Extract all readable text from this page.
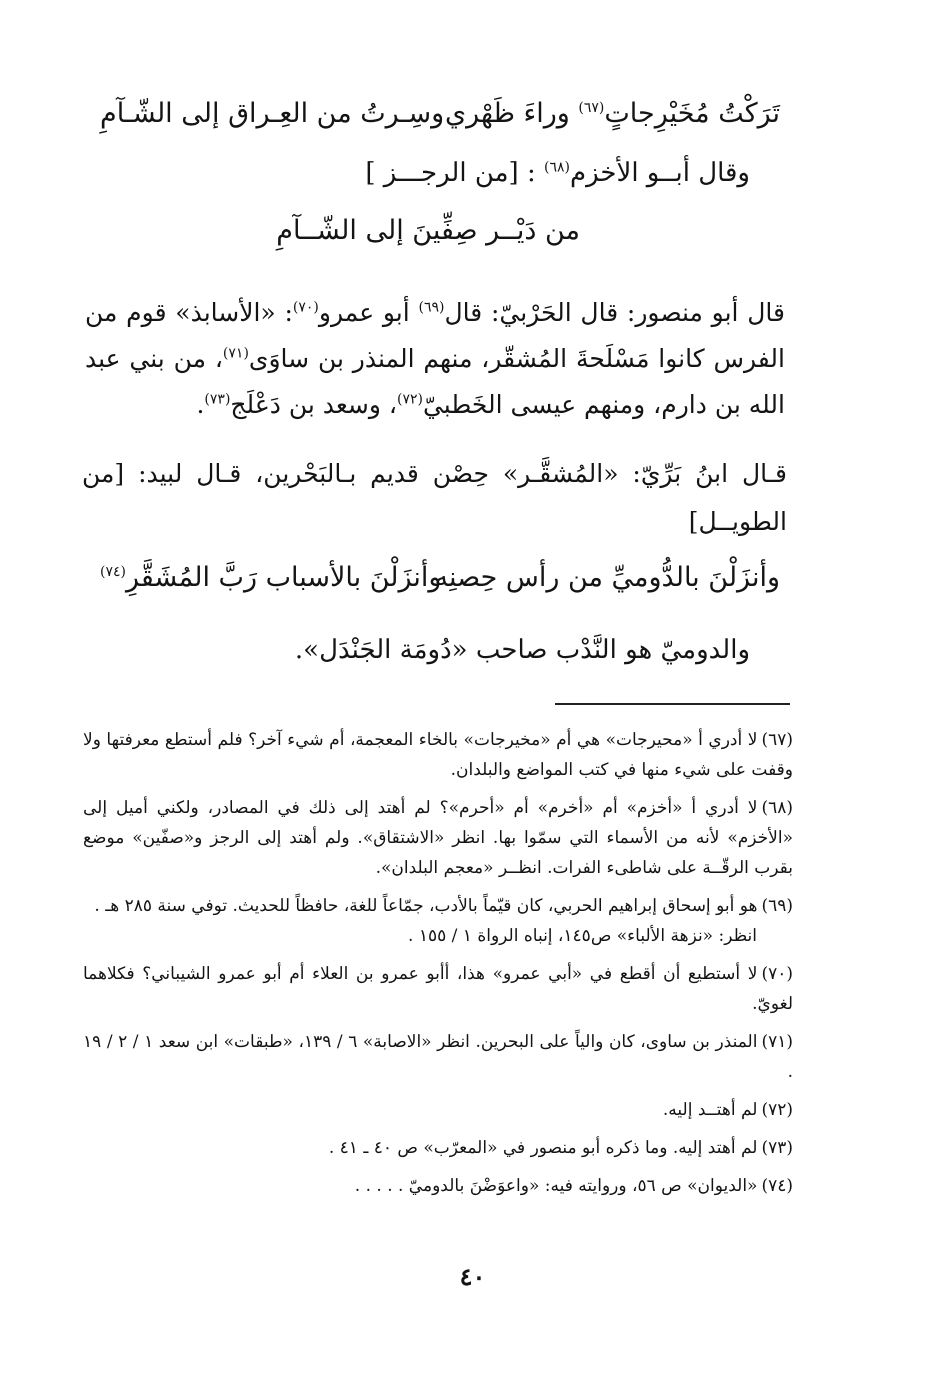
تَرَكْتُ مُخَيْرِجاتٍ$^{(٦٧)}$ وراءَ ظَهْري
وسِـرتُ من العِـراق إلى الشّـآمِ
وقال أبــو الأخزم$^{(٦٨)}$ : [من الرجـــز ]
من دَيْــر صِفِّينَ إلى الشّــآمِ
قال أبو منصور: قال الحَرْبيّ: قال$^{(٦٩)}$ أبو عمرو$^{(٧٠)}$: «الأسابذ» قوم من الفرس كانوا مَسْلَحةَ المُشقّر، منهم المنذر بن ساوَى$^{(٧١)}$، من بني عبد الله بن دارم، ومنهم عيسى الخَطبيّ$^{(٧٢)}$، وسعد بن دَعْلَج$^{(٧٣)}$.
قـال ابنُ بَرِّيّ: «المُشقَّـر» حِصْن قديم بـالبَحْرين، قـال لبيد: [من الطويــل]
وأنزَلْنَ بالدُّوميِّ من رأس حِصنِه
وأنزَلْنَ بالأسباب رَبَّ المُشَقَّرِ$^{(٧٤)}$
والدوميّ هو النَّدْب صاحب «دُومَة الجَنْدَل».
(٦٧)لا أدري أ «محيرجات» هي أم «مخيرجات» بالخاء المعجمة، أم شيء آخر؟ فلم أستطع معرفتها ولا وقفت على شيء منها في كتب المواضع والبلدان.
(٦٨)لا أدري أ «أخزم» أم «أخرم» أم «أحرم»؟ لم أهتد إلى ذلك في المصادر، ولكني أميل إلى «الأخزم» لأنه من الأسماء التي سمّوا بها. انظر «الاشتقاق». ولم أهتد إلى الرجز و«صفّين» موضع بقرب الرقّــة على شاطىء الفرات. انظــر «معجم البلدان».
(٦٩)هو أبو إسحاق إبراهيم الحربي، كان قيّماً بالأدب، جمّاعاً للغة، حافظاً للحديث. توفي سنة ٢٨٥ هـ .
انظر: «نزهة الألباء» ص١٤٥، إنباه الرواة ١ / ١٥٥ .
(٧٠)لا أستطيع أن أقطع في «أبي عمرو» هذا، أأبو عمرو بن العلاء أم أبو عمرو الشيباني؟ فكلاهما لغويّ.
(٧١)المنذر بن ساوى، كان والياً على البحرين. انظر «الاصابة» ٦ / ١٣٩، «طبقات» ابن سعد ١ / ٢ / ١٩ .
(٧٢)لم أهتــد إليه.
(٧٣)لم أهتد إليه. وما ذكره أبو منصور في «المعرّب» ص ٤٠ ـ ٤١ .
(٧٤)«الديوان» ص ٥٦، وروايته فيه: «واعوَضْنَ بالدوميّ . . . . .
٤٠
